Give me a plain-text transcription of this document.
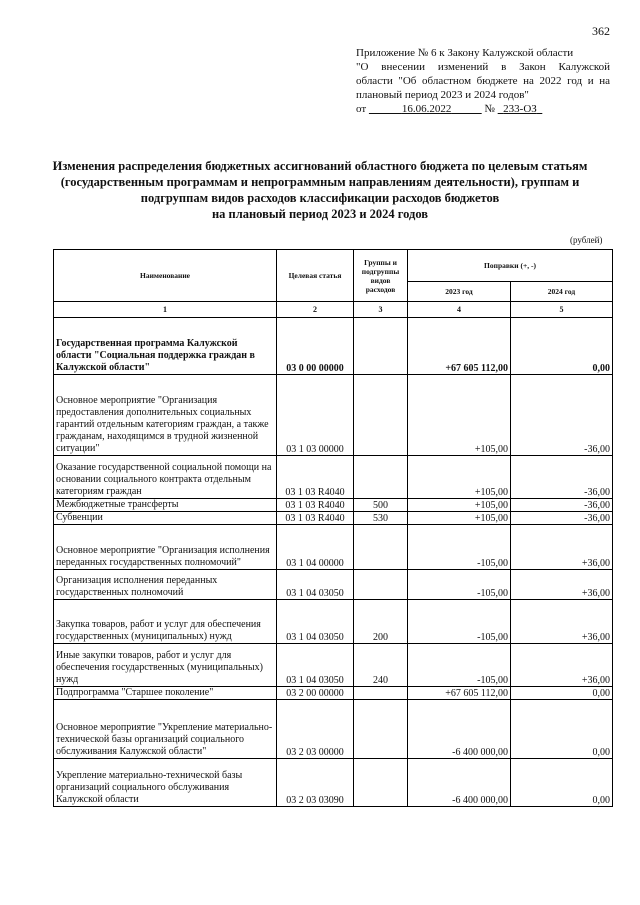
362
Приложение № 6 к Закону Калужской области
"О внесении изменений в Закон Калужской
области "Об областном бюджете на 2022 год и на
плановый период 2023 и 2024 годов"
от	16.06.2022	№ 233-ОЗ
Изменения распределения бюджетных ассигнований областного бюджета по целевым статьям
(государственным программам и непрограммным направлениям деятельности), группам и
подгруппам видов расходов классификации расходов бюджетов
на плановый период 2023 и 2024 годов
(рублей)
Наименование	Целевая статья	Группы и подгруппы видов расходов	Поправки (+, -)	
			2023 год	2024 год
1	2	3	4	5
Государственная программа Калужской области "Социальная поддержка граждан в Калужской области"	03 0 00 00000		+67 605 112,00	0,00
Основное мероприятие "Организация предоставления дополнительных социальных гарантий отдельным категориям граждан, а также гражданам, находящимся в трудной жизненной ситуации"	03 1 03 00000		+105,00	-36,00
Оказание государственной социальной помощи на основании социального контракта отдельным категориям граждан	03 1 03 R4040		+105,00	-36,00
Межбюджетные трансферты	03 1 03 R4040	500	+105,00	-36,00
Субвенции	03 1 03 R4040	530	+105,00	-36,00
Основное мероприятие "Организация исполнения переданных государственных полномочий"	03 1 04 00000		-105,00	+36,00
Организация исполнения переданных государственных полномочий	03 1 04 03050		-105,00	+36,00
Закупка товаров, работ и услуг для обеспечения государственных (муниципальных) нужд	03 1 04 03050	200	-105,00	+36,00
Иные закупки товаров, работ и услуг для обеспечения государственных (муниципальных) нужд	03 1 04 03050	240	-105,00	+36,00
Подпрограмма "Старшее поколение"	03 2 00 00000		+67 605 112,00	0,00
Основное мероприятие "Укрепление материально-технической базы организаций социального обслуживания Калужской области"	03 2 03 00000		-6 400 000,00	0,00
Укрепление материально-технической базы организаций социального обслуживания Калужской области	03 2 03 03090		-6 400 000,00	0,00
